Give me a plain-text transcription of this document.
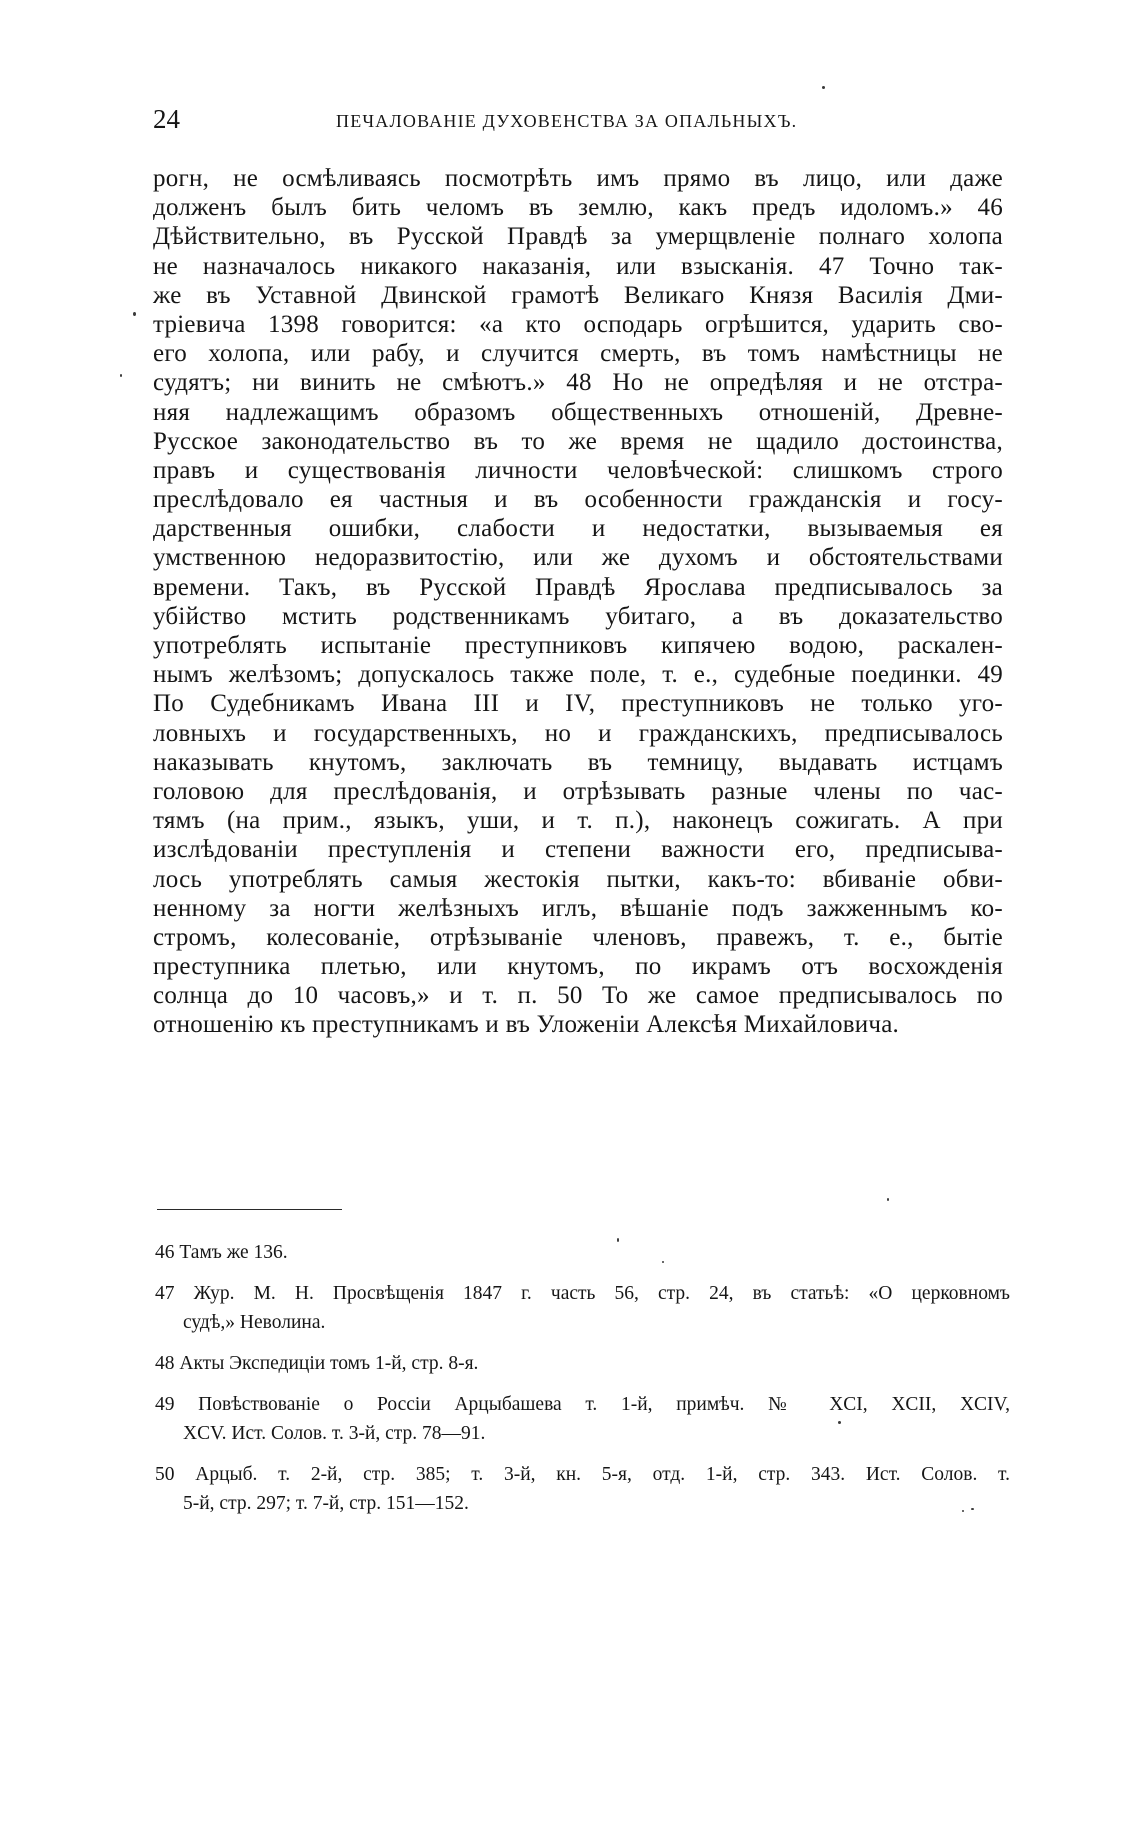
24	ПЕЧАЛОВАНІЕ ДУХОВЕНСТВА ЗА ОПАЛЬНЫХЪ.
рогн, не осмѣливаясь посмотрѣть имъ прямо въ лицо, или даже
долженъ былъ бить челомъ въ землю, какъ предъ идоломъ.» 46
Дѣйствительно, въ Русской Правдѣ за умерщвленіе полнаго холопа
не назначалось никакого наказанія, или взысканія. 47 Точно так-
же въ Уставной Двинской грамотѣ Великаго Князя Василія Дми-
тріевича 1398 говорится: «а кто осподарь огрѣшится, ударить сво-
его холопа, или рабу, и случится смерть, въ томъ намѣстницы не
судятъ; ни винить не смѣютъ.» 48 Но не опредѣляя и не отстра-
няя надлежащимъ образомъ общественныхъ отношеній, Древне-
Русское законодательство въ то же время не щадило достоинства,
правъ и существованія личности человѣческой: слишкомъ строго
преслѣдовало ея частныя и въ особенности гражданскія и госу-
дарственныя ошибки, слабости и недостатки, вызываемыя ея
умственною недоразвитостію, или же духомъ и обстоятельствами
времени. Такъ, въ Русской Правдѣ Ярослава предписывалось за
убійство мстить родственникамъ убитаго, а въ доказательство
употреблять испытаніе преступниковъ кипячею водою, раскален-
нымъ желѣзомъ; допускалось также поле, т. е., судебные поединки. 49
По Судебникамъ Ивана III и IV, преступниковъ не только уго-
ловныхъ и государственныхъ, но и гражданскихъ, предписывалось
наказывать кнутомъ, заключать въ темницу, выдавать истцамъ
головою для преслѣдованія, и отрѣзывать разные члены по час-
тямъ (на прим., языкъ, уши, и т. п.), наконецъ сожигать. А при
изслѣдованіи преступленія и степени важности его, предписыва-
лось употреблять самыя жестокія пытки, какъ-то: вбиваніе обви-
ненному за ногти желѣзныхъ иглъ, вѣшаніе подъ зажженнымъ ко-
стромъ, колесованіе, отрѣзываніе членовъ, правежъ, т. е., бытіе
преступника плетью, или кнутомъ, по икрамъ отъ восхожденія
солнца до 10 часовъ,» и т. п. 50 То же самое предписывалось по
отношенію къ преступникамъ и въ Уложеніи Алексѣя Михайловича.
46 Тамъ же 136.
47 Жур. М. Н. Просвѣщенія 1847 г. часть 56, стр. 24, въ статьѣ: «О церковномъ
судѣ,» Неволина.
48 Акты Экспедиціи томъ 1-й, стр. 8-я.
49 Повѣствованіе о Россіи Арцыбашева т. 1-й, примѣч. № XCI, XCII, XCIV,
XCV. Ист. Солов. т. 3-й, стр. 78—91.
50 Арцыб. т. 2-й, стр. 385; т. 3-й, кн. 5-я, отд. 1-й, стр. 343. Ист. Солов. т.
5-й, стр. 297; т. 7-й, стр. 151—152.
